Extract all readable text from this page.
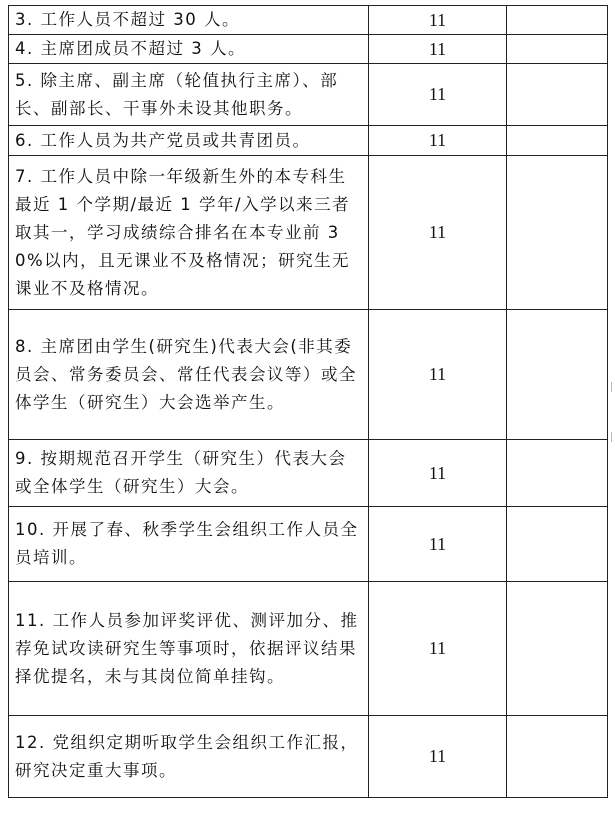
3. 工作人员不超过 30 人。	11	
4. 主席团成员不超过 3 人。	11	
5. 除主席、副主席（轮值执行主席）、部长、副部长、干事外未设其他职务。	11	
6. 工作人员为共产党员或共青团员。	11	
7. 工作人员中除一年级新生外的本专科生最近 1 个学期/最近 1 学年/入学以来三者取其一，学习成绩综合排名在本专业前 30%以内，且无课业不及格情况；研究生无课业不及格情况。	11	
8. 主席团由学生(研究生)代表大会(非其委员会、常务委员会、常任代表会议等）或全体学生（研究生）大会选举产生。	11	
9. 按期规范召开学生（研究生）代表大会或全体学生（研究生）大会。	11	
10. 开展了春、秋季学生会组织工作人员全员培训。	11	
11. 工作人员参加评奖评优、测评加分、推荐免试攻读研究生等事项时，依据评议结果择优提名，未与其岗位简单挂钩。	11	
12. 党组织定期听取学生会组织工作汇报，研究决定重大事项。	11	
